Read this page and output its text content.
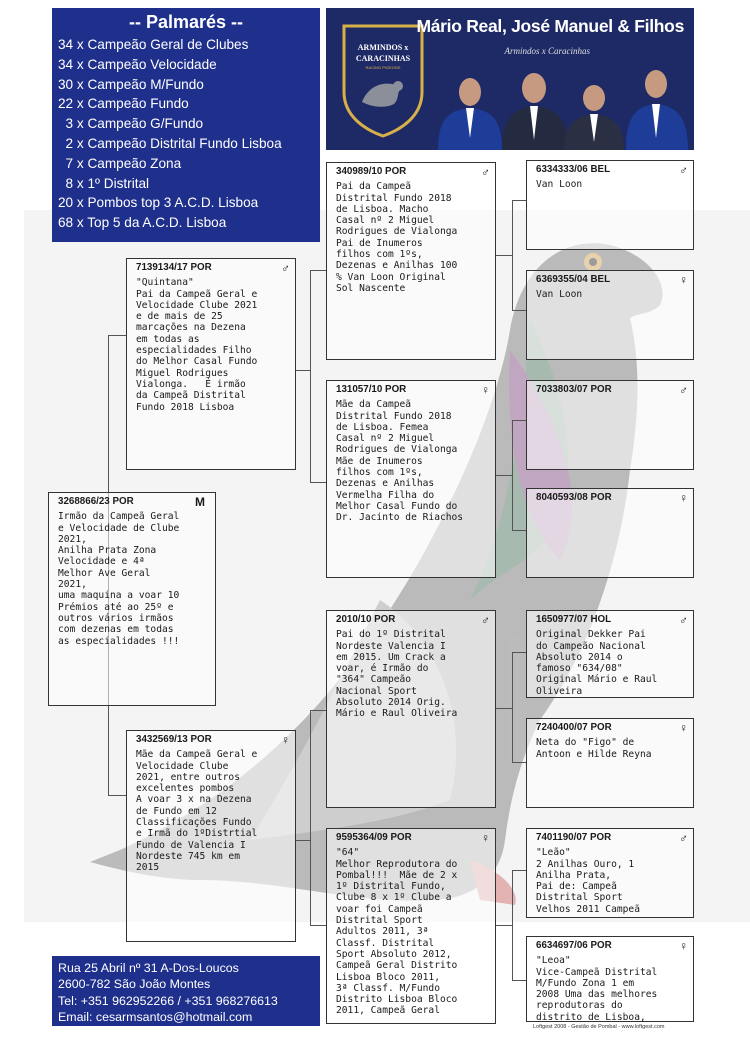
-- Palmarés --
34 x Campeão Geral de Clubes
34 x Campeão Velocidade
30 x Campeão M/Fundo
22 x Campeão Fundo
3 x Campeão G/Fundo
2 x Campeão Distrital Fundo Lisboa
7 x Campeão Zona
8 x 1º Distrital
20 x Pombos top 3 A.C.D. Lisboa
68 x Top 5 da A.C.D. Lisboa
ARMINDOS x
CARACINHAS
RACING PIGEONS
Mário Real, José Manuel & Filhos
Armindos x Caracinhas
3268866/23 POR	M
Irmão da Campeã Geral
e Velocidade de Clube
2021,
Anilha Prata Zona
Velocidade e 4ª
Melhor Ave Geral
2021,
uma maquina a voar 10
Prémios até ao 25º e
outros vários irmãos
com dezenas em todas
as especialidades !!!
7139134/17 POR	♂
"Quintana"
Pai da Campeã Geral e
Velocidade Clube 2021
e de mais de 25
marcações na Dezena
em todas as
especialidades Filho
do Melhor Casal Fundo
Miguel Rodrigues
Vialonga.   É irmão
da Campeã Distrital
Fundo 2018 Lisboa
3432569/13 POR	♀
Mãe da Campeã Geral e
Velocidade Clube
2021, entre outros
excelentes pombos
A voar 3 x na Dezena
de Fundo em 12
Classificações Fundo
e Irmã do 1ºDistrtial
Fundo de Valencia I
Nordeste 745 km em
2015
340989/10 POR	♂
Pai da Campeã
Distrital Fundo 2018
de Lisboa. Macho
Casal nº 2 Miguel
Rodrigues de Vialonga
Pai de Inumeros
filhos com 1ºs,
Dezenas e Anilhas 100
% Van Loon Original
Sol Nascente
131057/10 POR	♀
Mãe da Campeã
Distrital Fundo 2018
de Lisboa. Femea
Casal nº 2 Miguel
Rodrigues de Vialonga
Mãe de Inumeros
filhos com 1ºs,
Dezenas e Anilhas
Vermelha Filha do
Melhor Casal Fundo do
Dr. Jacinto de Riachos
2010/10 POR	♂
Pai do 1º Distrital
Nordeste Valencia I
em 2015. Um Crack a
voar, é Irmão do
"364" Campeão
Nacional Sport
Absoluto 2014 Orig.
Mário e Raul Oliveira
9595364/09 POR	♀
"64"
Melhor Reprodutora do
Pombal!!!  Mãe de 2 x
1º Distrital Fundo,
Clube 8 x 1º Clube a
voar foi Campeã
Distrital Sport
Adultos 2011, 3ª
Classf. Distrital
Sport Absoluto 2012,
Campeã Geral Distrito
Lisboa Bloco 2011,
3ª Classf. M/Fundo
Distrito Lisboa Bloco
2011, Campeã Geral
6334333/06 BEL	♂
Van Loon
6369355/04 BEL	♀
Van Loon
7033803/07 POR	♂
8040593/08 POR	♀
1650977/07 HOL	♂
Original Dekker Pai
do Campeão Nacional
Absoluto 2014 o
famoso "634/08"
Original Mário e Raul
Oliveira
7240400/07 POR	♀
Neta do "Figo" de
Antoon e Hilde Reyna
7401190/07 POR	♂
"Leão"
2 Anilhas Ouro, 1
Anilha Prata,
Pai de: Campeã
Distrital Sport
Velhos 2011 Campeã
6634697/06 POR	♀
"Leoa"
Vice-Campeã Distrital
M/Fundo Zona 1 em
2008 Uma das melhores
reprodutoras do
distrito de Lisboa,
Rua 25 Abril nº 31 A-Dos-Loucos
2600-782 São João Montes
Tel: +351 962952266 / +351 968276613
Email: cesarmsantos@hotmail.com
Loftgest 2008 - Gestão de Pombal - www.loftgest.com
